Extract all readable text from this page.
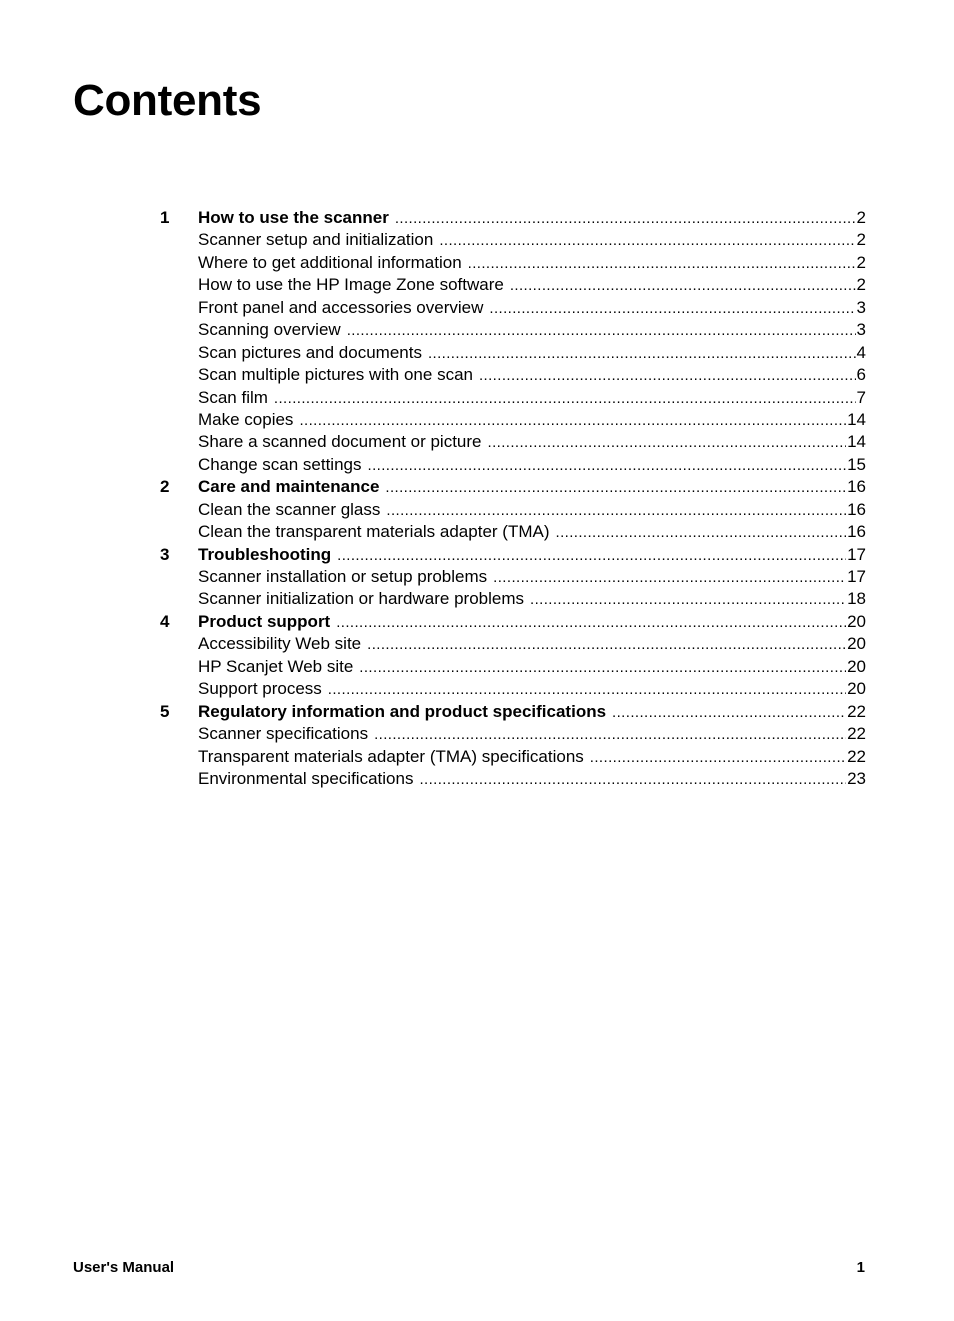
Contents
1	How to use the scanner .....	2
Scanner setup and initialization .....	2
Where to get additional information .....	2
How to use the HP Image Zone software .....	2
Front panel and accessories overview .....	3
Scanning overview .....	3
Scan pictures and documents .....	4
Scan multiple pictures with one scan .....	6
Scan film .....	7
Make copies .....	14
Share a scanned document or picture .....	14
Change scan settings .....	15
2	Care and maintenance .....	16
Clean the scanner glass .....	16
Clean the transparent materials adapter (TMA) .....	16
3	Troubleshooting .....	17
Scanner installation or setup problems .....	17
Scanner initialization or hardware problems .....	18
4	Product support .....	20
Accessibility Web site .....	20
HP Scanjet Web site .....	20
Support process .....	20
5	Regulatory information and product specifications .....	22
Scanner specifications .....	22
Transparent materials adapter (TMA) specifications .....	22
Environmental specifications .....	23
User's Manual	1
